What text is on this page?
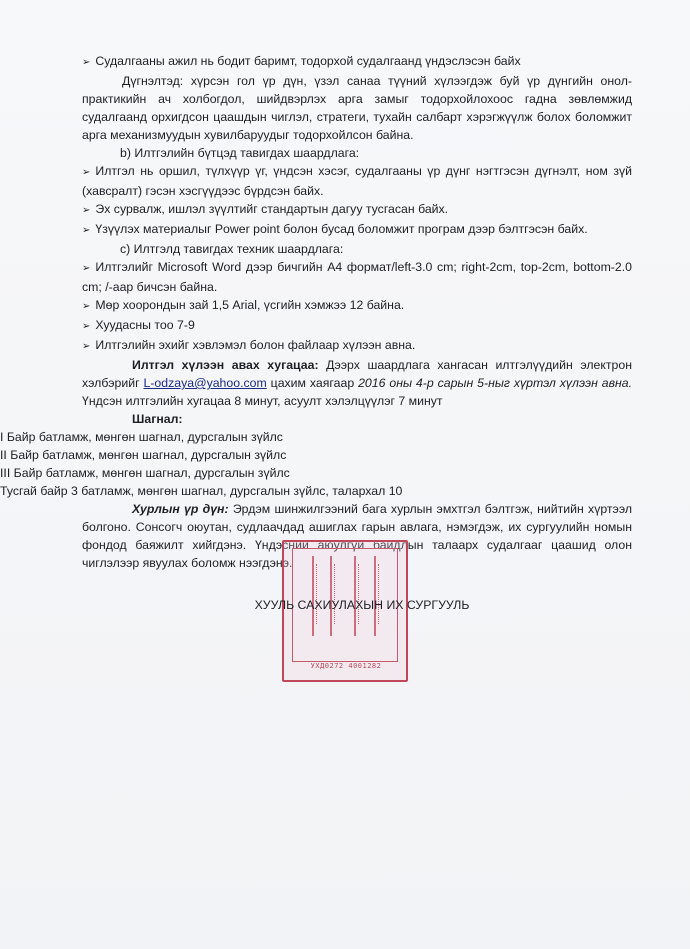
➢ Судалгааны ажил нь бодит баримт, тодорхой судалгаанд үндэслэсэн байх

Дүгнэлтэд: хүрсэн гол үр дүн, үзэл санаа түүний хүлээгдэж буй үр дүнгийн онол-практикийн ач холбогдол, шийдвэрлэх арга замыг тодорхойлохоос гадна зөвлөмжид судалгаанд орхигдсон цаашдын чиглэл, стратеги, тухайн салбарт хэрэгжүүлж болох боломжит арга механизмуудын хувилбаруудыг тодорхойлсон байна.

b) Илтгэлийн бүтцэд тавигдах шаардлага:

➢ Илтгэл нь оршил, түлхүүр үг, үндсэн хэсэг, судалгааны үр дүнг нэгтгэсэн дүгнэлт, ном зүй (хавсралт) гэсэн хэсгүүдээс бүрдсэн байх.

➢ Эх сурвалж, ишлэл зүүлтийг стандартын дагуу тусгасан байх.

➢ Үзүүлэх материалыг Power point болон бусад боломжит програм дээр бэлтгэсэн байх.

c) Илтгэлд тавигдах техник шаардлага:

➢ Илтгэлийг Microsoft Word дээр бичгийн А4 формат/left-3.0 cm; right-2cm, top-2cm, bottom-2.0 cm; /-аар бичсэн байна.

➢ Мөр хоорондын зай 1,5 Arial, үсгийн хэмжээ 12 байна.

➢ Хуудасны тоо 7-9

➢ Илтгэлийн эхийг хэвлэмэл болон файлаар хүлээн авна.

Илтгэл хүлээн авах хугацаа: Дээрх шаардлага хангасан илтгэлүүдийн электрон хэлбэрийг L-odzaya@yahoo.com цахим хаягаар 2016 оны 4-р сарын 5-ныг хүртэл хүлээн авна. Үндсэн илтгэлийн хугацаа 8 минут, асуулт хэлэлцүүлэг 7 минут

Шагнал:

I Байр батламж, мөнгөн шагнал, дурсгалын зүйлс

II Байр батламж, мөнгөн шагнал, дурсгалын зүйлс

III Байр батламж, мөнгөн шагнал, дурсгалын зүйлс

Тусгай байр 3 батламж, мөнгөн шагнал, дурсгалын зүйлс, талархал 10

Хурлын үр дүн: Эрдэм шинжилгээний бага хурлын эмхтгэл бэлтгэж, нийтийн хүртээл болгоно. Сонсогч оюутан, судлаачдад ашиглах гарын авлага, нэмэгдэж, их сургуулийн номын фондод баяжилт хийгдэнэ. Үндэсний аюулгүй байдлын талаарх судалгааг цаашид олон чиглэлээр явуулах боломж нээгдэнэ.

УХД0272 4001282
ХУУЛЬ САХИУЛАХЫН ИХ СУРГУУЛЬ
